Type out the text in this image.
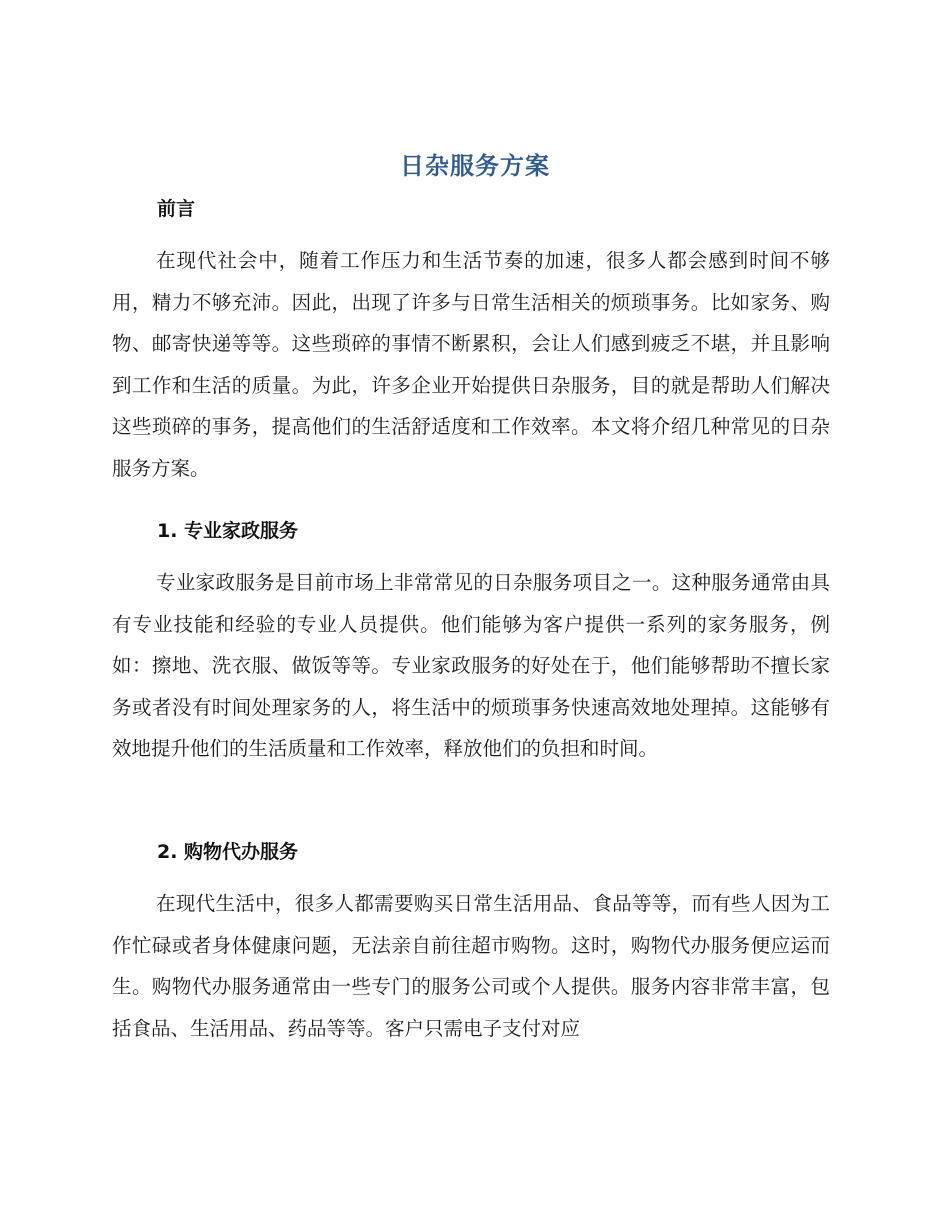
日杂服务方案
前言

在现代社会中，随着工作压力和生活节奏的加速，很多人都会感到时间不够用，精力不够充沛。因此，出现了许多与日常生活相关的烦琐事务。比如家务、购物、邮寄快递等等。这些琐碎的事情不断累积，会让人们感到疲乏不堪，并且影响到工作和生活的质量。为此，许多企业开始提供日杂服务，目的就是帮助人们解决这些琐碎的事务，提高他们的生活舒适度和工作效率。本文将介绍几种常见的日杂服务方案。

1. 专业家政服务

专业家政服务是目前市场上非常常见的日杂服务项目之一。这种服务通常由具有专业技能和经验的专业人员提供。他们能够为客户提供一系列的家务服务，例如：擦地、洗衣服、做饭等等。专业家政服务的好处在于，他们能够帮助不擅长家务或者没有时间处理家务的人，将生活中的烦琐事务快速高效地处理掉。这能够有效地提升他们的生活质量和工作效率，释放他们的负担和时间。

2. 购物代办服务

在现代生活中，很多人都需要购买日常生活用品、食品等等，而有些人因为工作忙碌或者身体健康问题，无法亲自前往超市购物。这时，购物代办服务便应运而生。购物代办服务通常由一些专门的服务公司或个人提供。服务内容非常丰富，包括食品、生活用品、药品等等。客户只需电子支付对应
